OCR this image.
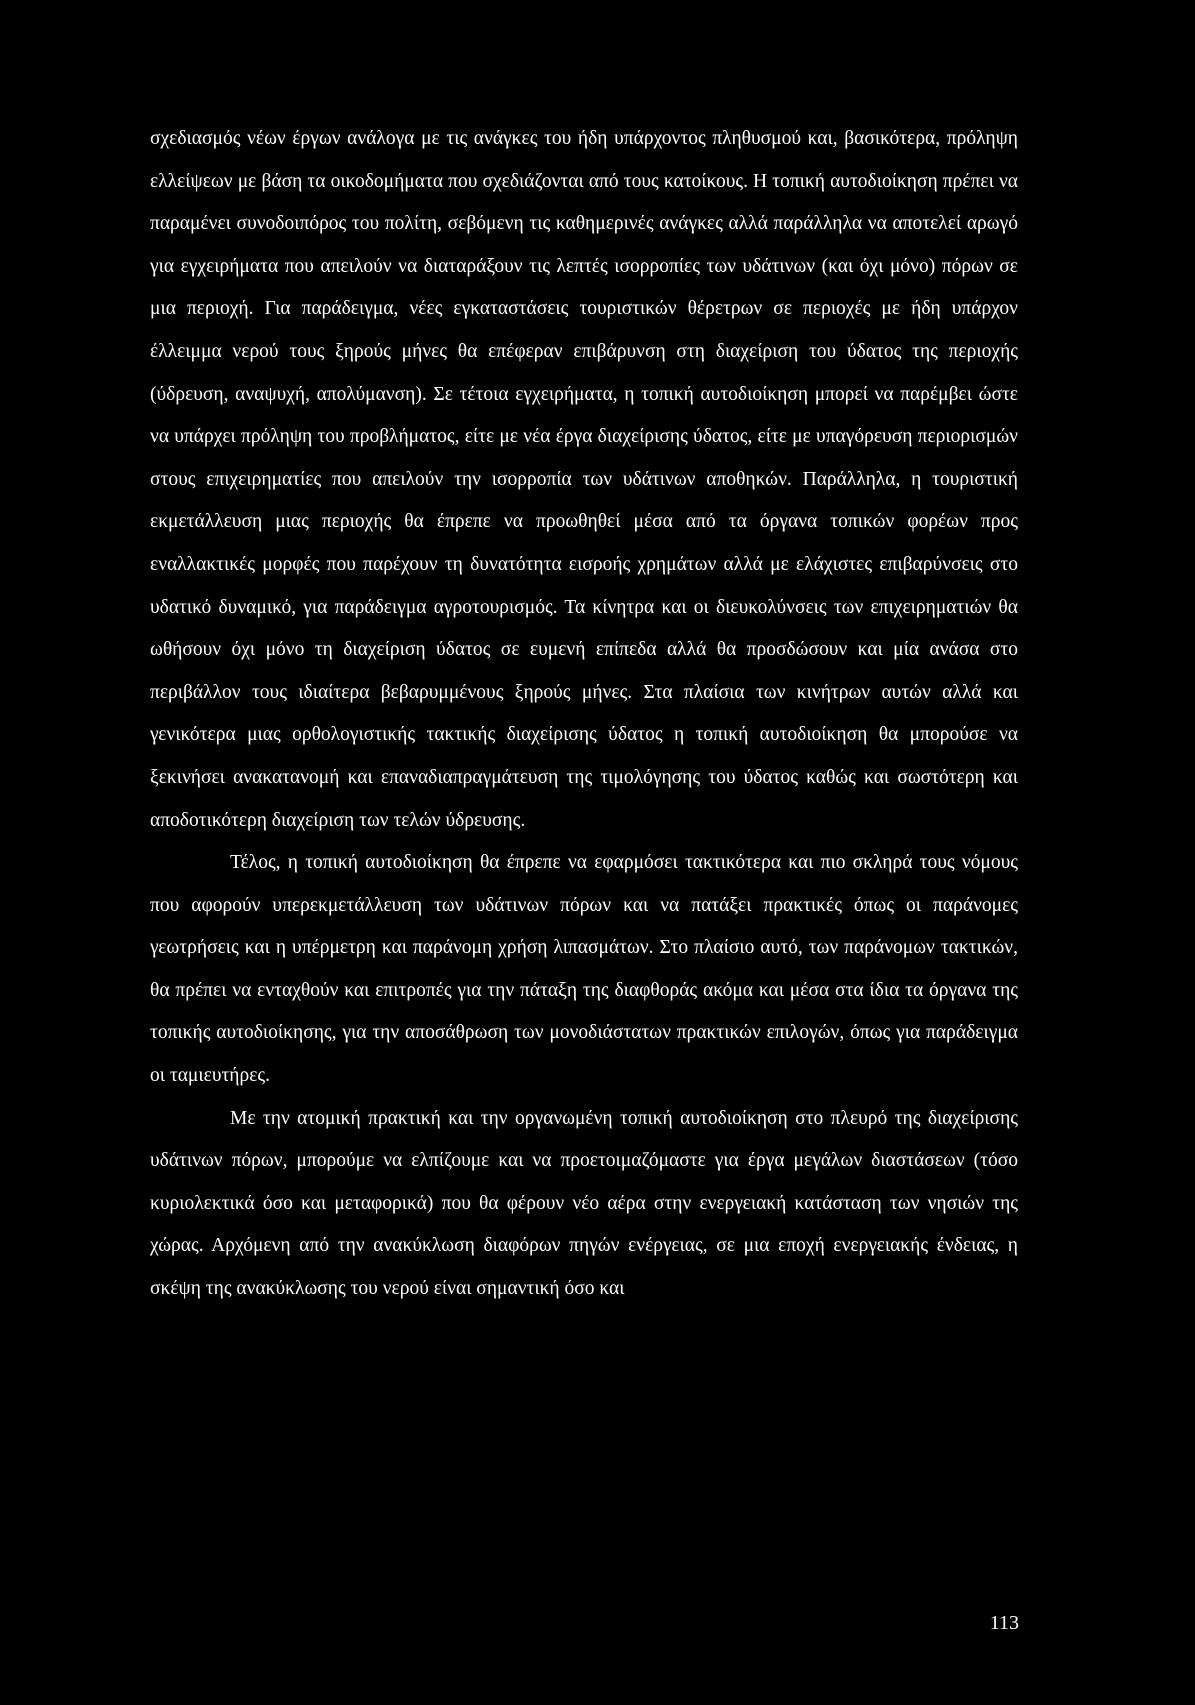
σχεδιασμός νέων έργων ανάλογα με τις ανάγκες του ήδη υπάρχοντος πληθυσμού και, βασικότερα, πρόληψη ελλείψεων με βάση τα οικοδομήματα που σχεδιάζονται από τους κατοίκους. Η τοπική αυτοδιοίκηση πρέπει να παραμένει συνοδοιπόρος του πολίτη, σεβόμενη τις καθημερινές ανάγκες αλλά παράλληλα να αποτελεί αρωγό για εγχειρήματα που απειλούν να διαταράξουν τις λεπτές ισορροπίες των υδάτινων (και όχι μόνο) πόρων σε μια περιοχή. Για παράδειγμα, νέες εγκαταστάσεις τουριστικών θέρετρων σε περιοχές με ήδη υπάρχον έλλειμμα νερού τους ξηρούς μήνες θα επέφεραν επιβάρυνση στη διαχείριση του ύδατος της περιοχής (ύδρευση, αναψυχή, απολύμανση). Σε τέτοια εγχειρήματα, η τοπική αυτοδιοίκηση μπορεί να παρέμβει ώστε να υπάρχει πρόληψη του προβλήματος, είτε με νέα έργα διαχείρισης ύδατος, είτε με υπαγόρευση περιορισμών στους επιχειρηματίες που απειλούν την ισορροπία των υδάτινων αποθηκών. Παράλληλα, η τουριστική εκμετάλλευση μιας περιοχής θα έπρεπε να προωθηθεί μέσα από τα όργανα τοπικών φορέων προς εναλλακτικές μορφές που παρέχουν τη δυνατότητα εισροής χρημάτων αλλά με ελάχιστες επιβαρύνσεις στο υδατικό δυναμικό, για παράδειγμα αγροτουρισμός. Τα κίνητρα και οι διευκολύνσεις των επιχειρηματιών θα ωθήσουν όχι μόνο τη διαχείριση ύδατος σε ευμενή επίπεδα αλλά θα προσδώσουν και μία ανάσα στο περιβάλλον τους ιδιαίτερα βεβαρυμμένους ξηρούς μήνες. Στα πλαίσια των κινήτρων αυτών αλλά και γενικότερα μιας ορθολογιστικής τακτικής διαχείρισης ύδατος η τοπική αυτοδιοίκηση θα μπορούσε να ξεκινήσει ανακατανομή και επαναδιαπραγμάτευση της τιμολόγησης του ύδατος καθώς και σωστότερη και αποδοτικότερη διαχείριση των τελών ύδρευσης.

Τέλος, η τοπική αυτοδιοίκηση θα έπρεπε να εφαρμόσει τακτικότερα και πιο σκληρά τους νόμους που αφορούν υπερεκμετάλλευση των υδάτινων πόρων και να πατάξει πρακτικές όπως οι παράνομες γεωτρήσεις και η υπέρμετρη και παράνομη χρήση λιπασμάτων. Στο πλαίσιο αυτό, των παράνομων τακτικών, θα πρέπει να ενταχθούν και επιτροπές για την πάταξη της διαφθοράς ακόμα και μέσα στα ίδια τα όργανα της τοπικής αυτοδιοίκησης, για την αποσάθρωση των μονοδιάστατων πρακτικών επιλογών, όπως για παράδειγμα οι ταμιευτήρες.

Με την ατομική πρακτική και την οργανωμένη τοπική αυτοδιοίκηση στο πλευρό της διαχείρισης υδάτινων πόρων, μπορούμε να ελπίζουμε και να προετοιμαζόμαστε για έργα μεγάλων διαστάσεων (τόσο κυριολεκτικά όσο και μεταφορικά) που θα φέρουν νέο αέρα στην ενεργειακή κατάσταση των νησιών της χώρας. Αρχόμενη από την ανακύκλωση διαφόρων πηγών ενέργειας, σε μια εποχή ενεργειακής ένδειας, η σκέψη της ανακύκλωσης του νερού είναι σημαντική όσο και

113
